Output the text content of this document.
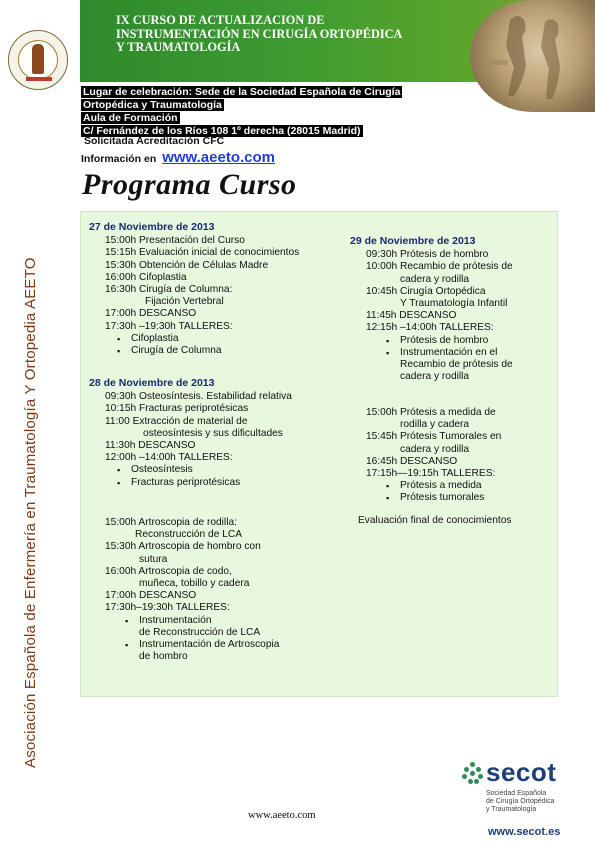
IX CURSO DE ACTUALIZACION DE
INSTRUMENTACIÓN EN CIRUGÍA ORTOPÉDICA
Y TRAUMATOLOGÍA
Lugar de celebración: Sede de la Sociedad Española de Cirugía
Ortopédica y Traumatología
Aula de Formación
C/ Fernández de los Ríos 108 1º derecha (28015 Madrid)
Solicitada Acreditación CFC
Información en www.aeeto.com
Programa Curso
Asociación Española de Enfermería en Traumatología Y Ortopedia AEETO
27 de Noviembre de 2013
15:00h Presentación del Curso
15:15h Evaluación inicial de conocimientos
15:30h Obtención de Células Madre
16:00h Cifoplastia
16:30h Cirugía de Columna:
Fijación Vertebral
17:00h DESCANSO
17:30h –19:30h TALLERES:
▪ Cifoplastia
▪ Cirugía de Columna
28 de Noviembre de 2013
09:30h Osteosíntesis. Estabilidad relativa
10:15h Fracturas periprotésicas
11:00 Extracción de material de
osteosíntesis y sus dificultades
11:30h DESCANSO
12:00h –14:00h TALLERES:
▪ Osteosíntesis
▪ Fracturas periprotésicas
15:00h Artroscopia de rodilla:
Reconstrucción de LCA
15:30h Artroscopia de hombro con
sutura
16:00h Artroscopia de codo,
muñeca, tobillo y cadera
17:00h DESCANSO
17:30h–19:30h TALLERES:
▪ Instrumentación
de Reconstrucción de LCA
▪ Instrumentación de Artroscopia
de hombro
29 de Noviembre de 2013
09:30h Prótesis de hombro
10:00h Recambio de prótesis de
cadera y rodilla
10:45h Cirugía Ortopédica
Y Traumatología Infantil
11:45h DESCANSO
12:15h –14:00h TALLERES:
▪ Prótesis de hombro
▪ Instrumentación en el
Recambio de prótesis de
cadera y rodilla
15:00h Prótesis a medida de
rodilla y cadera
15:45h Prótesis Tumorales en
cadera y rodilla
16:45h DESCANSO
17:15h—19:15h TALLERES:
▪ Prótesis a medida
▪ Prótesis tumorales
Evaluación final de conocimientos
secot
Sociedad Española
de Cirugía Ortopédica
y Traumatología
www.aeeto.com
www.secot.es
